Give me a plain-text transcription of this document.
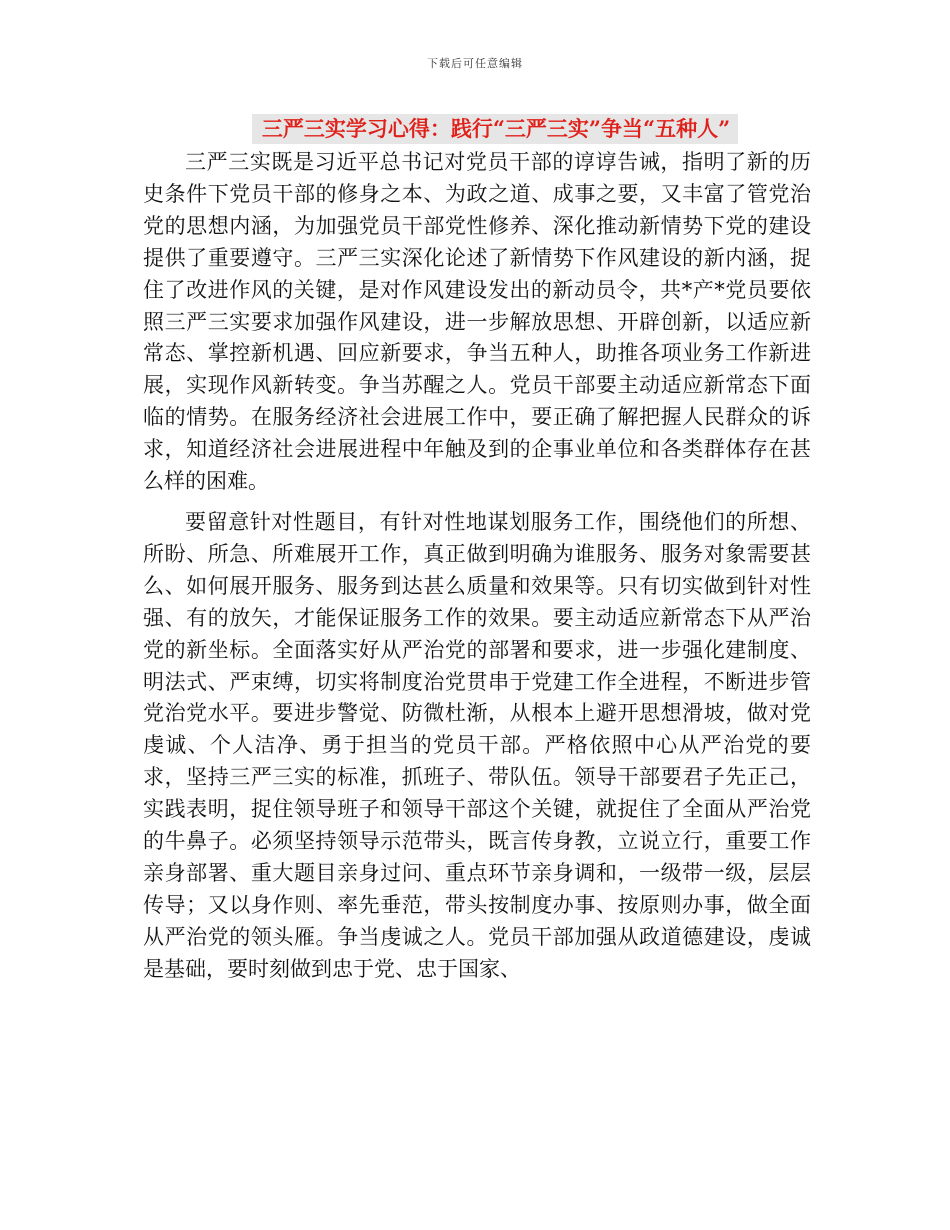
下载后可任意编辑
三严三实学习心得：践行“三严三实”争当“五种人”

三严三实既是习近平总书记对党员干部的谆谆告诫，指明了新的历史条件下党员干部的修身之本、为政之道、成事之要，又丰富了管党治党的思想内涵，为加强党员干部党性修养、深化推动新情势下党的建设提供了重要遵守。三严三实深化论述了新情势下作风建设的新内涵，捉住了改进作风的关键，是对作风建设发出的新动员令，共*产*党员要依照三严三实要求加强作风建设，进一步解放思想、开辟创新，以适应新常态、掌控新机遇、回应新要求，争当五种人，助推各项业务工作新进展，实现作风新转变。争当苏醒之人。党员干部要主动适应新常态下面临的情势。在服务经济社会进展工作中，要正确了解把握人民群众的诉求，知道经济社会进展进程中年触及到的企事业单位和各类群体存在甚么样的困难。

要留意针对性题目，有针对性地谋划服务工作，围绕他们的所想、所盼、所急、所难展开工作，真正做到明确为谁服务、服务对象需要甚么、如何展开服务、服务到达甚么质量和效果等。只有切实做到针对性强、有的放矢，才能保证服务工作的效果。要主动适应新常态下从严治党的新坐标。全面落实好从严治党的部署和要求，进一步强化建制度、明法式、严束缚，切实将制度治党贯串于党建工作全进程，不断进步管党治党水平。要进步警觉、防微杜渐，从根本上避开思想滑坡，做对党虔诚、个人洁净、勇于担当的党员干部。严格依照中心从严治党的要求，坚持三严三实的标准，抓班子、带队伍。领导干部要君子先正己，实践表明，捉住领导班子和领导干部这个关键，就捉住了全面从严治党的牛鼻子。必须坚持领导示范带头，既言传身教，立说立行，重要工作亲身部署、重大题目亲身过问、重点环节亲身调和，一级带一级，层层传导；又以身作则、率先垂范，带头按制度办事、按原则办事，做全面从严治党的领头雁。争当虔诚之人。党员干部加强从政道德建设，虔诚是基础，要时刻做到忠于党、忠于国家、
